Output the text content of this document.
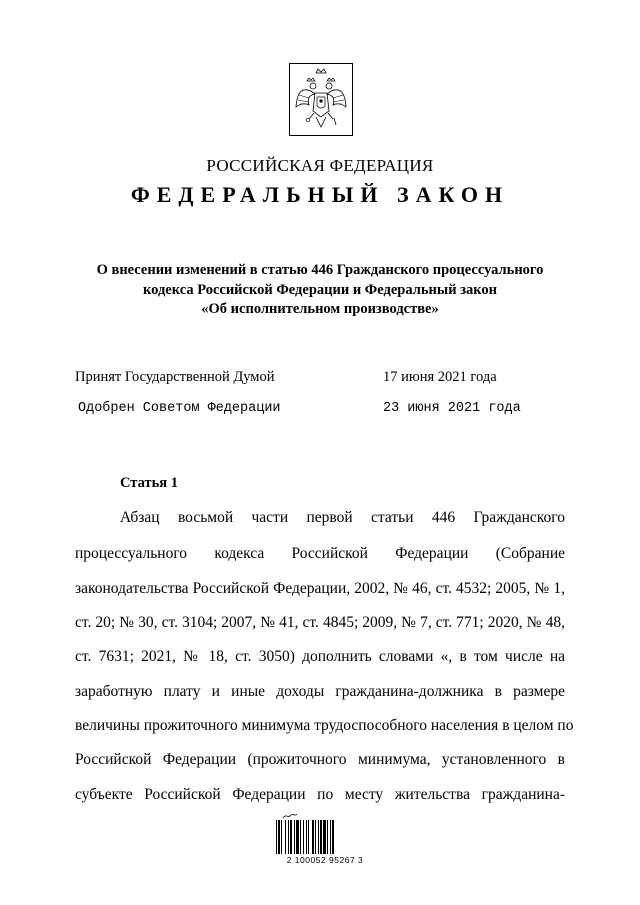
РОССИЙСКАЯ ФЕДЕРАЦИЯ
ФЕДЕРАЛЬНЫЙ ЗАКОН
О внесении изменений в статью 446 Гражданского процессуального
кодекса Российской Федерации и Федеральный закон
«Об исполнительном производстве»
Принят Государственной Думой	17 июня 2021 года
Одобрен Советом Федерации	23 июня 2021 года
Статья 1
Абзац восьмой части первой статьи 446 Гражданского
процессуального кодекса Российской Федерации (Собрание
законодательства Российской Федерации, 2002, № 46, ст. 4532; 2005, № 1,
ст. 20; № 30, ст. 3104; 2007, № 41, ст. 4845; 2009, № 7, ст. 771; 2020, № 48,
ст. 7631; 2021, № 18, ст. 3050) дополнить словами «, в том числе на
заработную плату и иные доходы гражданина-должника в размере
величины прожиточного минимума трудоспособного населения в целом по
Российской Федерации (прожиточного минимума, установленного в
субъекте Российской Федерации по месту жительства гражданина-
2 100052 95267 3
